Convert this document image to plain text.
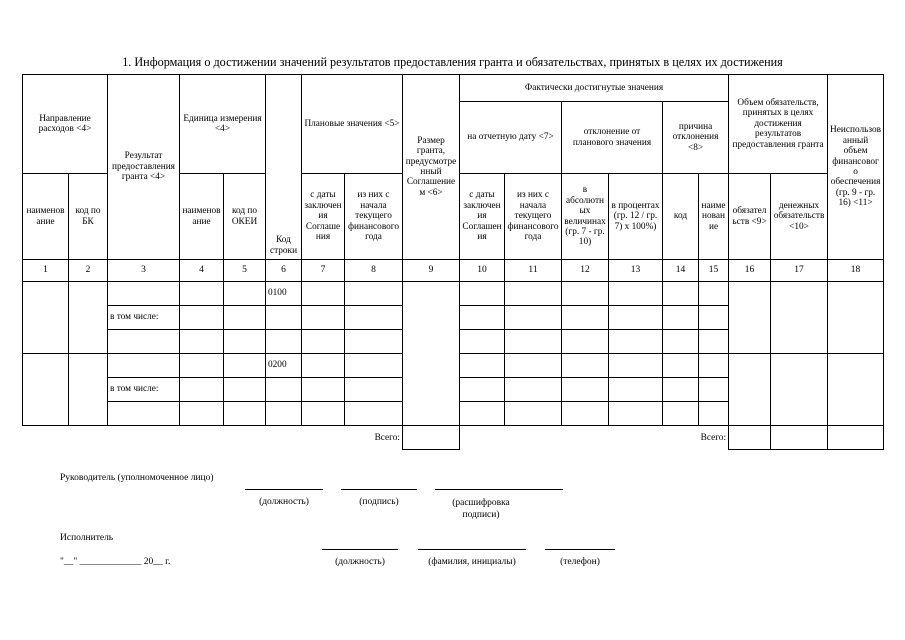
1. Информация о достижении значений результатов предоставления гранта и обязательствах, принятых в целях их достижения
Направление расходов <4>		Результат предоставления гранта <4>	Единица измерения <4>		Код строки	Плановые значения <5>		Размер гранта, предусмотренный Соглашением <6>	Фактически достигнутые значения						Объем обязательств, принятых в целях достижения результатов предоставления гранта		Неиспользованный объем финансового обеспечения (гр. 9 - гр. 16) <11>
									на отчетную дату <7>		отклонение от планового значения		причина отклонения <8>				
наименование	код по БК		наименование	код по ОКЕИ		с даты заключения Соглашения	из них с начала текущего финансового года		с даты заключения Соглашения	из них с начала текущего финансового года	в абсолютных величинах (гр. 7 - гр. 10)	в процентах (гр. 12 / гр. 7) x 100%)	код	наименование	обязательств <9>	денежных обязательств <10>	
1	2	3	4	5	6	7	8	9	10	11	12	13	14	15	16	17	18
					0100												
		в том числе:															

					0200												
		в том числе:															

							Всего:							Всего:			
Руководитель (уполномоченное лицо)
(должность)	(подпись)	(расшифровка подписи)
Исполнитель
(должность)	(фамилия, инициалы)	(телефон)
"__" _____________ 20__ г.
